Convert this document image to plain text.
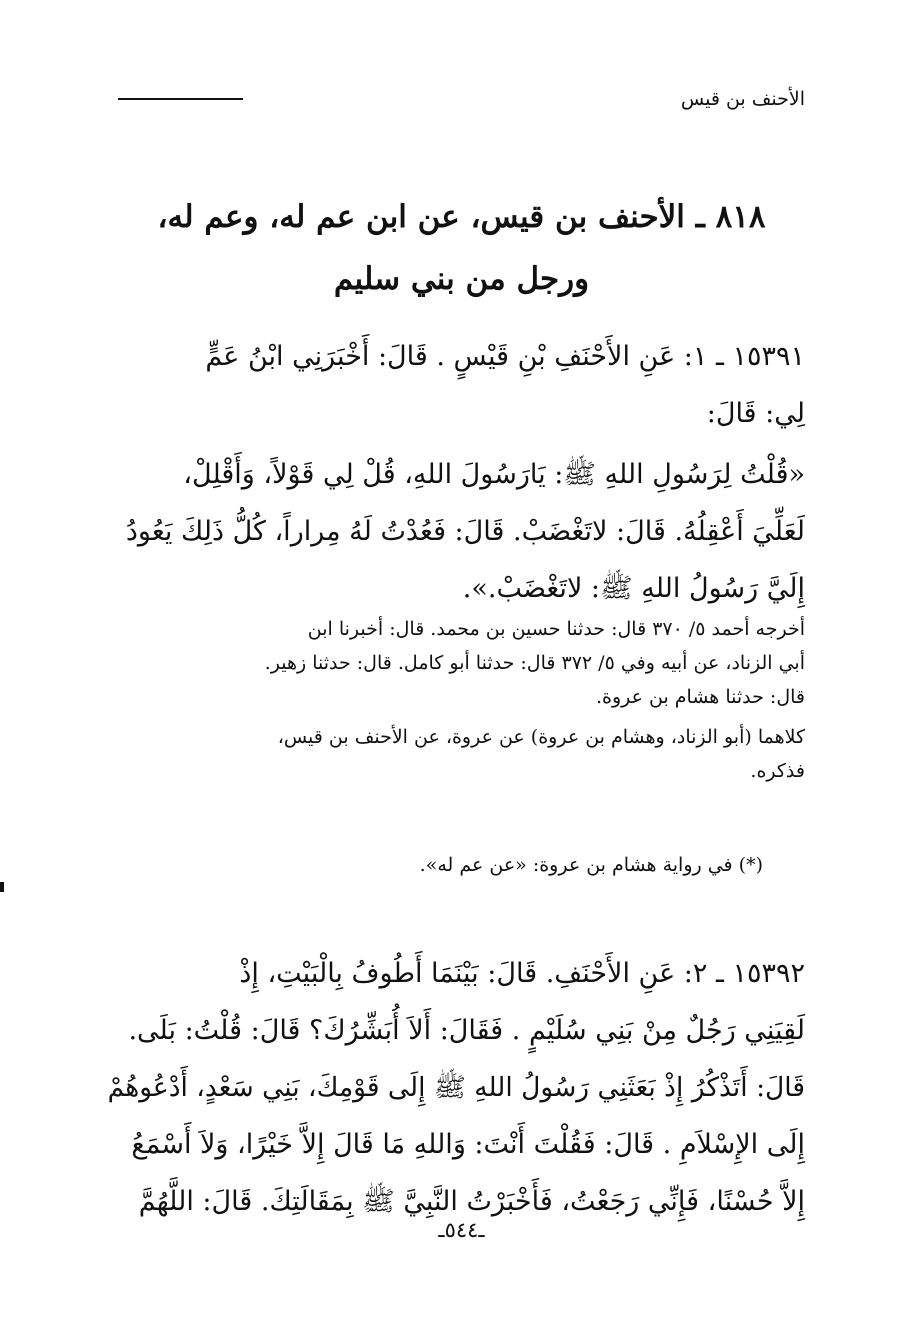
الأحنف بن قيس
٨١٨ ـ الأحنف بن قيس، عن ابن عم له، وعم له،
ورجل من بني سليم
١٥٣٩١ ـ ١: عَنِ الأَحْنَفِ بْنِ قَيْسٍ . قَالَ: أَخْبَرَنِي ابْنُ عَمٍّ
لِي: قَالَ:
«قُلْتُ لِرَسُولِ اللهِ ﷺ: يَارَسُولَ اللهِ، قُلْ لِي قَوْلاً، وَأَقْلِلْ،
لَعَلِّيَ أَعْقِلُهُ. قَالَ: لاتَغْضَبْ. قَالَ: فَعُدْتُ لَهُ مِراراً، كُلُّ ذَلِكَ يَعُودُ
إِلَيَّ رَسُولُ اللهِ ﷺ: لاتَغْضَبْ.».
أخرجه أحمد ٥/ ٣٧٠ قال: حدثنا حسين بن محمد. قال: أخبرنا ابن
أبي الزناد، عن أبيه وفي ٥/ ٣٧٢ قال: حدثنا أبو كامل. قال: حدثنا زهير.
قال: حدثنا هشام بن عروة.
كلاهما (أبو الزناد، وهشام بن عروة) عن عروة، عن الأحنف بن قيس،
فذكره.
(*) في رواية هشام بن عروة: «عن عم له».
١٥٣٩٢ ـ ٢: عَنِ الأَحْنَفِ. قَالَ: بَيْنَمَا أَطُوفُ بِالْبَيْتِ، إِذْ
لَقِيَنِي رَجُلٌ مِنْ بَنِي سُلَيْمٍ . فَقَالَ: أَلاَ أُبَشِّرُكَ؟ قَالَ: قُلْتُ: بَلَى.
قَالَ: أَتَذْكُرُ إِذْ بَعَثَنِي رَسُولُ اللهِ ﷺ إِلَى قَوْمِكَ، بَنِي سَعْدٍ، أَدْعُوهُمْ
إِلَى الإِسْلاَمِ . قَالَ: فَقُلْتَ أَنْتَ: وَاللهِ مَا قَالَ إِلاَّ خَيْرًا، وَلاَ أَسْمَعُ
إِلاَّ حُسْنًا، فَإِنِّي رَجَعْتُ، فَأَخْبَرْتُ النَّبِيَّ ﷺ بِمَقَالَتِكَ. قَالَ: اللَّهُمَّ
ـ٥٤٤ـ
